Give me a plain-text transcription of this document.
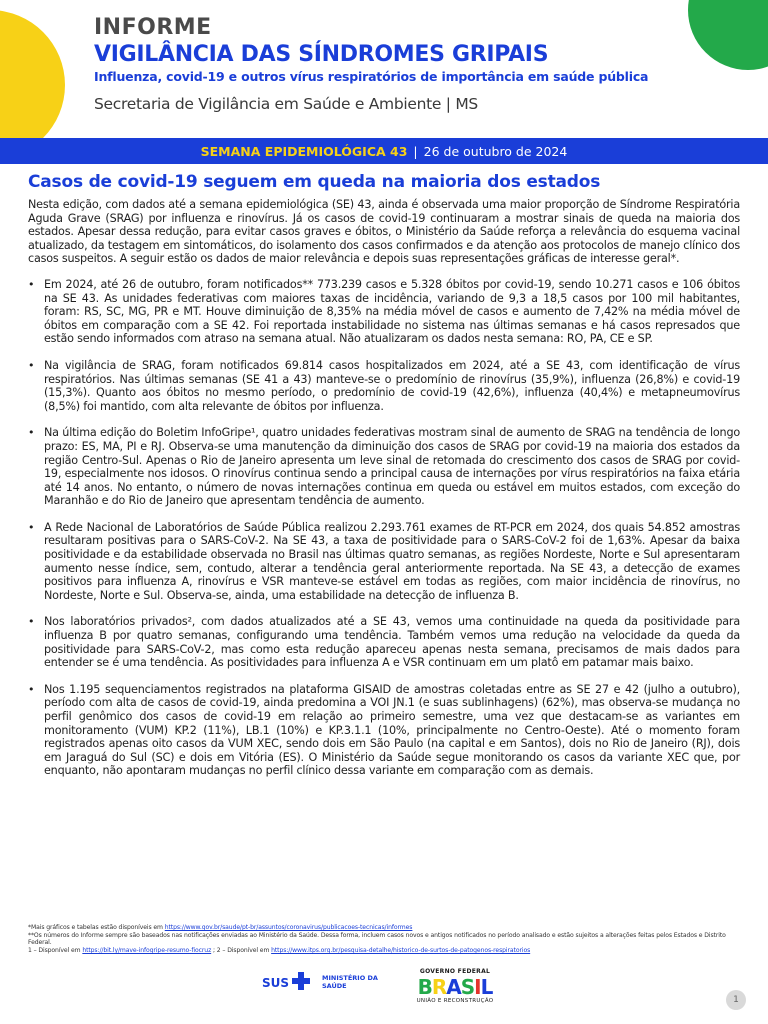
INFORME
VIGILÂNCIA DAS SÍNDROMES GRIPAIS
Influenza, covid-19 e outros vírus respiratórios de importância em saúde pública
Secretaria de Vigilância em Saúde e Ambiente | MS
SEMANA EPIDEMIOLÓGICA 43 | 26 de outubro de 2024
Casos de covid-19 seguem em queda na maioria dos estados

Nesta edição, com dados até a semana epidemiológica (SE) 43, ainda é observada uma maior proporção de Síndrome Respiratória Aguda Grave (SRAG) por influenza e rinovírus. Já os casos de covid-19 continuaram a mostrar sinais de queda na maioria dos estados. Apesar dessa redução, para evitar casos graves e óbitos, o Ministério da Saúde reforça a relevância do esquema vacinal atualizado, da testagem em sintomáticos, do isolamento dos casos confirmados e da atenção aos protocolos de manejo clínico dos casos suspeitos. A seguir estão os dados de maior relevância e depois suas representações gráficas de interesse geral*.

• Em 2024, até 26 de outubro, foram notificados** 773.239 casos e 5.328 óbitos por covid-19, sendo 10.271 casos e 106 óbitos na SE 43. As unidades federativas com maiores taxas de incidência, variando de 9,3 a 18,5 casos por 100 mil habitantes, foram: RS, SC, MG, PR e MT. Houve diminuição de 8,35% na média móvel de casos e aumento de 7,42% na média móvel de óbitos em comparação com a SE 42. Foi reportada instabilidade no sistema nas últimas semanas e há casos represados que estão sendo informados com atraso na semana atual. Não atualizaram os dados nesta semana: RO, PA, CE e SP.

• Na vigilância de SRAG, foram notificados 69.814 casos hospitalizados em 2024, até a SE 43, com identificação de vírus respiratórios. Nas últimas semanas (SE 41 a 43) manteve-se o predomínio de rinovírus (35,9%), influenza (26,8%) e covid-19 (15,3%). Quanto aos óbitos no mesmo período, o predomínio de covid-19 (42,6%), influenza (40,4%) e metapneumovírus (8,5%) foi mantido, com alta relevante de óbitos por influenza.

• Na última edição do Boletim InfoGripe¹, quatro unidades federativas mostram sinal de aumento de SRAG na tendência de longo prazo: ES, MA, PI e RJ. Observa-se uma manutenção da diminuição dos casos de SRAG por covid-19 na maioria dos estados da região Centro-Sul. Apenas o Rio de Janeiro apresenta um leve sinal de retomada do crescimento dos casos de SRAG por covid-19, especialmente nos idosos. O rinovírus continua sendo a principal causa de internações por vírus respiratórios na faixa etária até 14 anos. No entanto, o número de novas internações continua em queda ou estável em muitos estados, com exceção do Maranhão e do Rio de Janeiro que apresentam tendência de aumento.

• A Rede Nacional de Laboratórios de Saúde Pública realizou 2.293.761 exames de RT-PCR em 2024, dos quais 54.852 amostras resultaram positivas para o SARS-CoV-2. Na SE 43, a taxa de positividade para o SARS-CoV-2 foi de 1,63%. Apesar da baixa positividade e da estabilidade observada no Brasil nas últimas quatro semanas, as regiões Nordeste, Norte e Sul apresentaram aumento nesse índice, sem, contudo, alterar a tendência geral anteriormente reportada. Na SE 43, a detecção de exames positivos para influenza A, rinovírus e VSR manteve-se estável em todas as regiões, com maior incidência de rinovírus, no Nordeste, Norte e Sul. Observa-se, ainda, uma estabilidade na detecção de influenza B.

• Nos laboratórios privados², com dados atualizados até a SE 43, vemos uma continuidade na queda da positividade para influenza B por quatro semanas, configurando uma tendência. Também vemos uma redução na velocidade da queda da positividade para SARS-CoV-2, mas como esta redução apareceu apenas nesta semana, precisamos de mais dados para entender se é uma tendência. As positividades para influenza A e VSR continuam em um platô em patamar mais baixo.

• Nos 1.195 sequenciamentos registrados na plataforma GISAID de amostras coletadas entre as SE 27 e 42 (julho a outubro), período com alta de casos de covid-19, ainda predomina a VOI JN.1 (e suas sublinhagens) (62%), mas observa-se mudança no perfil genômico dos casos de covid-19 em relação ao primeiro semestre, uma vez que destacam-se as variantes em monitoramento (VUM) KP.2 (11%), LB.1 (10%) e KP.3.1.1 (10%, principalmente no Centro-Oeste). Até o momento foram registrados apenas oito casos da VUM XEC, sendo dois em São Paulo (na capital e em Santos), dois no Rio de Janeiro (RJ), dois em Jaraguá do Sul (SC) e dois em Vitória (ES). O Ministério da Saúde segue monitorando os casos da variante XEC que, por enquanto, não apontaram mudanças no perfil clínico dessa variante em comparação com as demais.

*Mais gráficos e tabelas estão disponíveis em https://www.gov.br/saude/pt-br/assuntos/coronavirus/publicacoes-tecnicas/informes
**Os números do Informe sempre são baseados nas notificações enviadas ao Ministério da Saúde. Dessa forma, incluem casos novos e antigos notificados no período analisado e estão sujeitos a alterações feitas pelos Estados e Distrito Federal.
1 – Disponível em https://bit.ly/mave-infogripe-resumo-fiocruz ; 2 – Disponível em https://www.itps.org.br/pesquisa-detalhe/historico-de-surtos-de-patogenos-respiratorios
SUS	MINISTÉRIO DA
SAÚDE
GOVERNO FEDERAL
B R A S I L
UNIÃO E RECONSTRUÇÃO	1
